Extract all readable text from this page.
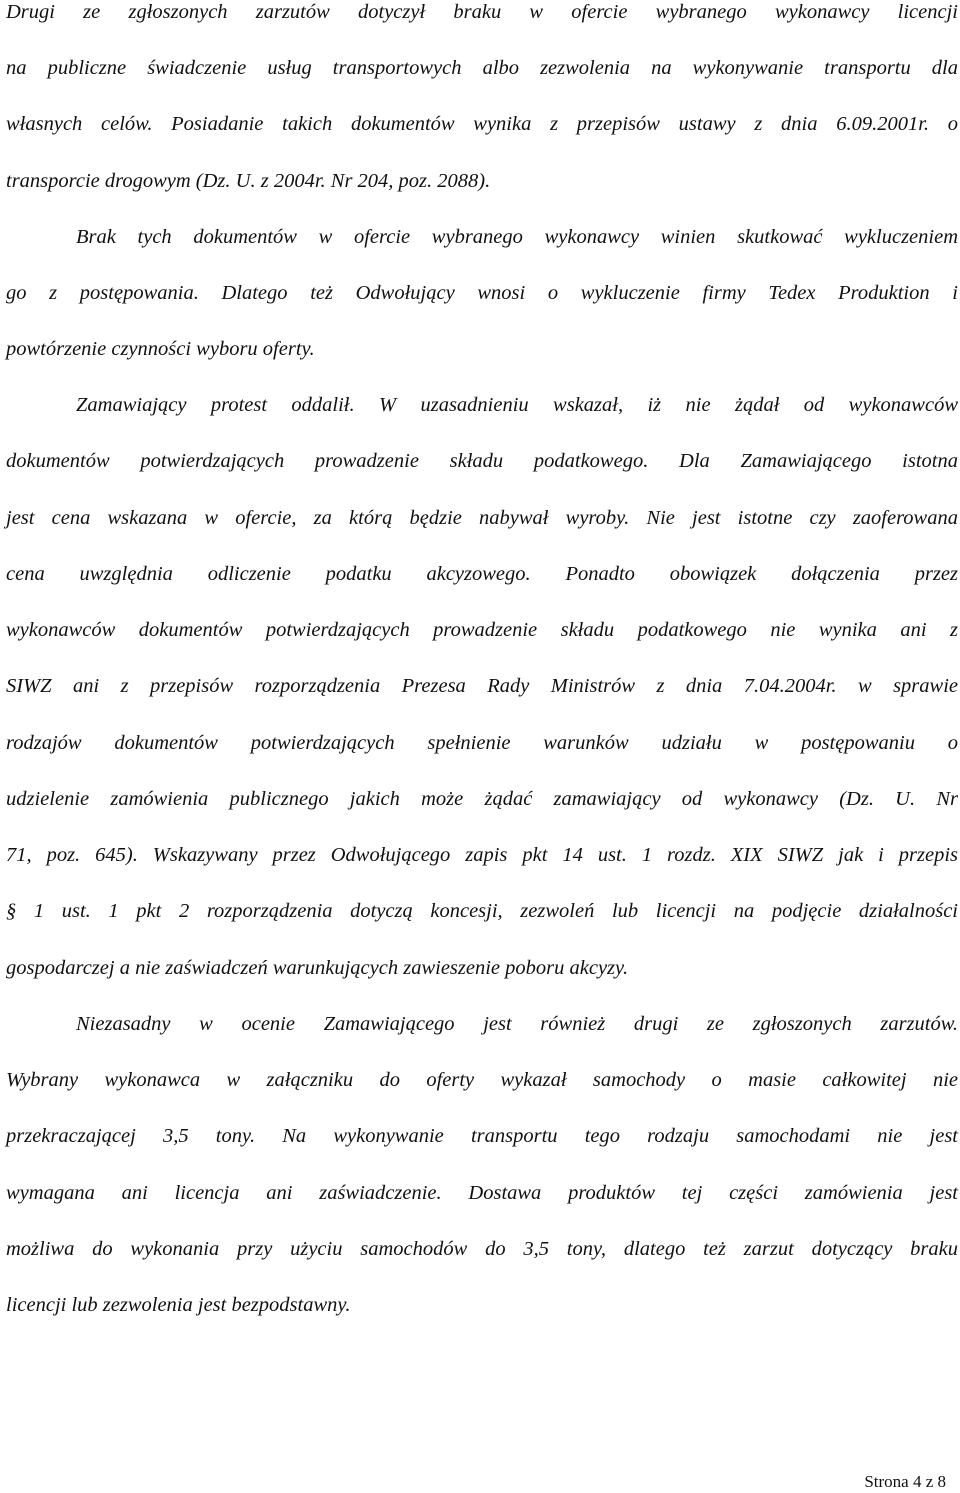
Drugi ze zgłoszonych zarzutów dotyczył braku w ofercie wybranego wykonawcy licencji
na publiczne świadczenie usług transportowych albo zezwolenia na wykonywanie transportu dla
własnych celów. Posiadanie takich dokumentów wynika z przepisów ustawy z dnia 6.09.2001r. o
transporcie drogowym (Dz. U. z 2004r. Nr 204, poz. 2088).
Brak tych dokumentów w ofercie wybranego wykonawcy winien skutkować wykluczeniem
go z postępowania. Dlatego też Odwołujący wnosi o wykluczenie firmy Tedex Produktion i
powtórzenie czynności wyboru oferty.
Zamawiający protest oddalił. W uzasadnieniu wskazał, iż nie żądał od wykonawców
dokumentów potwierdzających prowadzenie składu podatkowego. Dla Zamawiającego istotna
jest cena wskazana w ofercie, za którą będzie nabywał wyroby. Nie jest istotne czy zaoferowana
cena uwzględnia odliczenie podatku akcyzowego. Ponadto obowiązek dołączenia przez
wykonawców dokumentów potwierdzających prowadzenie składu podatkowego nie wynika ani z
SIWZ ani z przepisów rozporządzenia Prezesa Rady Ministrów z dnia 7.04.2004r. w sprawie
rodzajów dokumentów potwierdzających spełnienie warunków udziału w postępowaniu o
udzielenie zamówienia publicznego jakich może żądać zamawiający od wykonawcy (Dz. U. Nr
71, poz. 645). Wskazywany przez Odwołującego zapis pkt 14 ust. 1 rozdz. XIX SIWZ jak i przepis
§ 1 ust. 1 pkt 2 rozporządzenia dotyczą koncesji, zezwoleń lub licencji na podjęcie działalności
gospodarczej a nie zaświadczeń warunkujących zawieszenie poboru akcyzy.
Niezasadny w ocenie Zamawiającego jest również drugi ze zgłoszonych zarzutów.
Wybrany wykonawca w załączniku do oferty wykazał samochody o masie całkowitej nie
przekraczającej 3,5 tony. Na wykonywanie transportu tego rodzaju samochodami nie jest
wymagana ani licencja ani zaświadczenie. Dostawa produktów tej części zamówienia jest
możliwa do wykonania przy użyciu samochodów do 3,5 tony, dlatego też zarzut dotyczący braku
licencji lub zezwolenia jest bezpodstawny.
Strona 4 z 8
